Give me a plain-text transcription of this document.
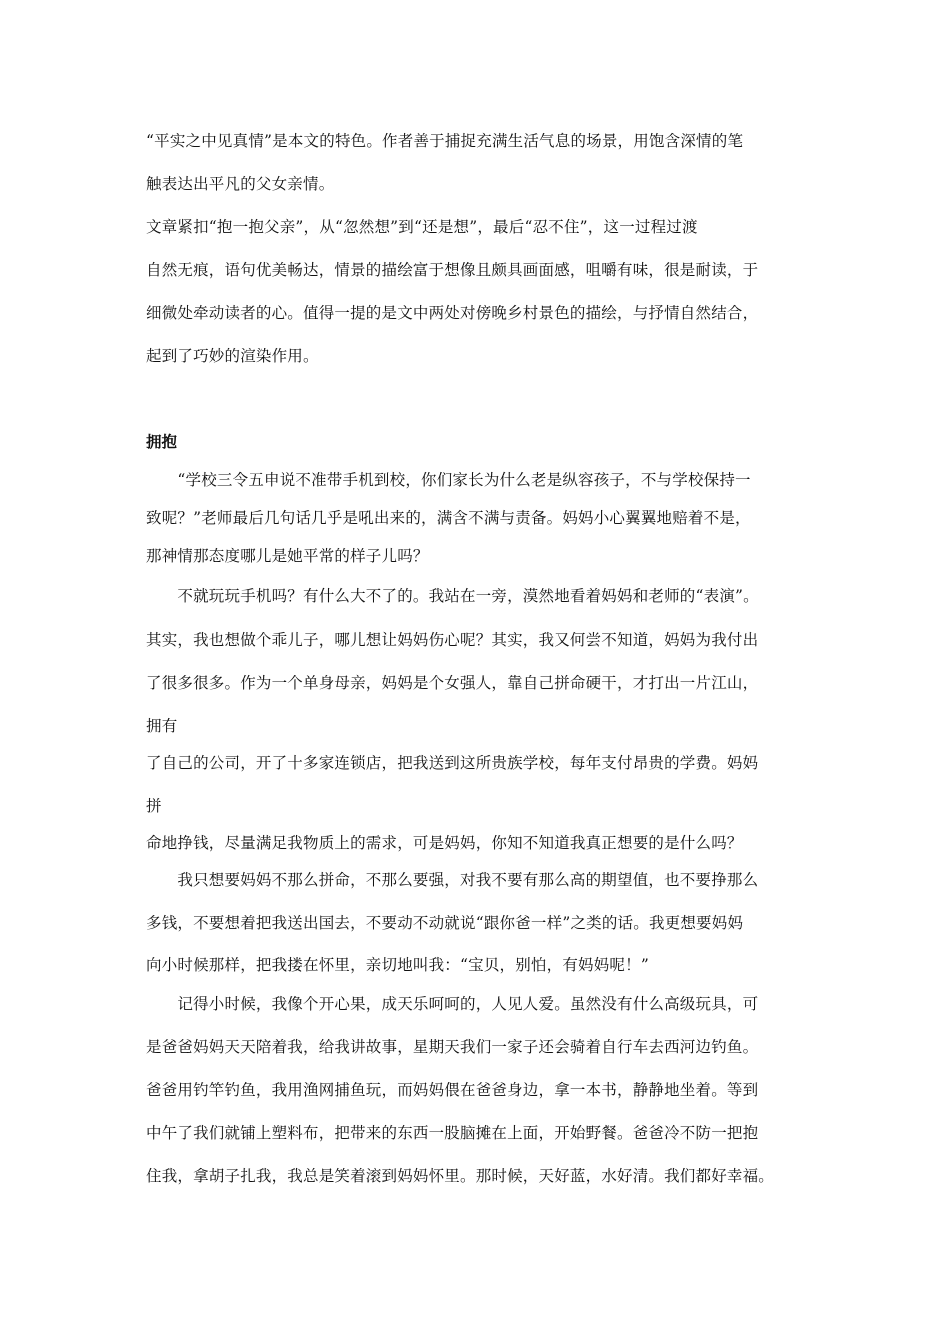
“平实之中见真情”是本文的特色。作者善于捕捉充满生活气息的场景，用饱含深情的笔
触表达出平凡的父女亲情。
文章紧扣“抱一抱父亲”，从“忽然想”到“还是想”，最后“忍不住”，这一过程过渡
自然无痕，语句优美畅达，情景的描绘富于想像且颇具画面感，咀嚼有味，很是耐读，于
细微处牵动读者的心。值得一提的是文中两处对傍晚乡村景色的描绘，与抒情自然结合，
起到了巧妙的渲染作用。
拥抱
　　“学校三令五申说不准带手机到校，你们家长为什么老是纵容孩子，不与学校保持一
致呢？”老师最后几句话几乎是吼出来的，满含不满与责备。妈妈小心翼翼地赔着不是，
那神情那态度哪儿是她平常的样子儿吗？
　　不就玩玩手机吗？有什么大不了的。我站在一旁，漠然地看着妈妈和老师的“表演”。
其实，我也想做个乖儿子，哪儿想让妈妈伤心呢？其实，我又何尝不知道，妈妈为我付出
了很多很多。作为一个单身母亲，妈妈是个女强人，靠自己拼命硬干，才打出一片江山，
拥有
了自己的公司，开了十多家连锁店，把我送到这所贵族学校，每年支付昂贵的学费。妈妈
拼
命地挣钱，尽量满足我物质上的需求，可是妈妈，你知不知道我真正想要的是什么吗？
　　我只想要妈妈不那么拼命，不那么要强，对我不要有那么高的期望值，也不要挣那么
多钱，不要想着把我送出国去，不要动不动就说“跟你爸一样”之类的话。我更想要妈妈
向小时候那样，把我搂在怀里，亲切地叫我：“宝贝，别怕，有妈妈呢！”
　　记得小时候，我像个开心果，成天乐呵呵的，人见人爱。虽然没有什么高级玩具，可
是爸爸妈妈天天陪着我，给我讲故事，星期天我们一家子还会骑着自行车去西河边钓鱼。
爸爸用钓竿钓鱼，我用渔网捕鱼玩，而妈妈偎在爸爸身边，拿一本书，静静地坐着。等到
中午了我们就铺上塑料布，把带来的东西一股脑摊在上面，开始野餐。爸爸冷不防一把抱
住我，拿胡子扎我，我总是笑着滚到妈妈怀里。那时候，天好蓝，水好清。我们都好幸福。
